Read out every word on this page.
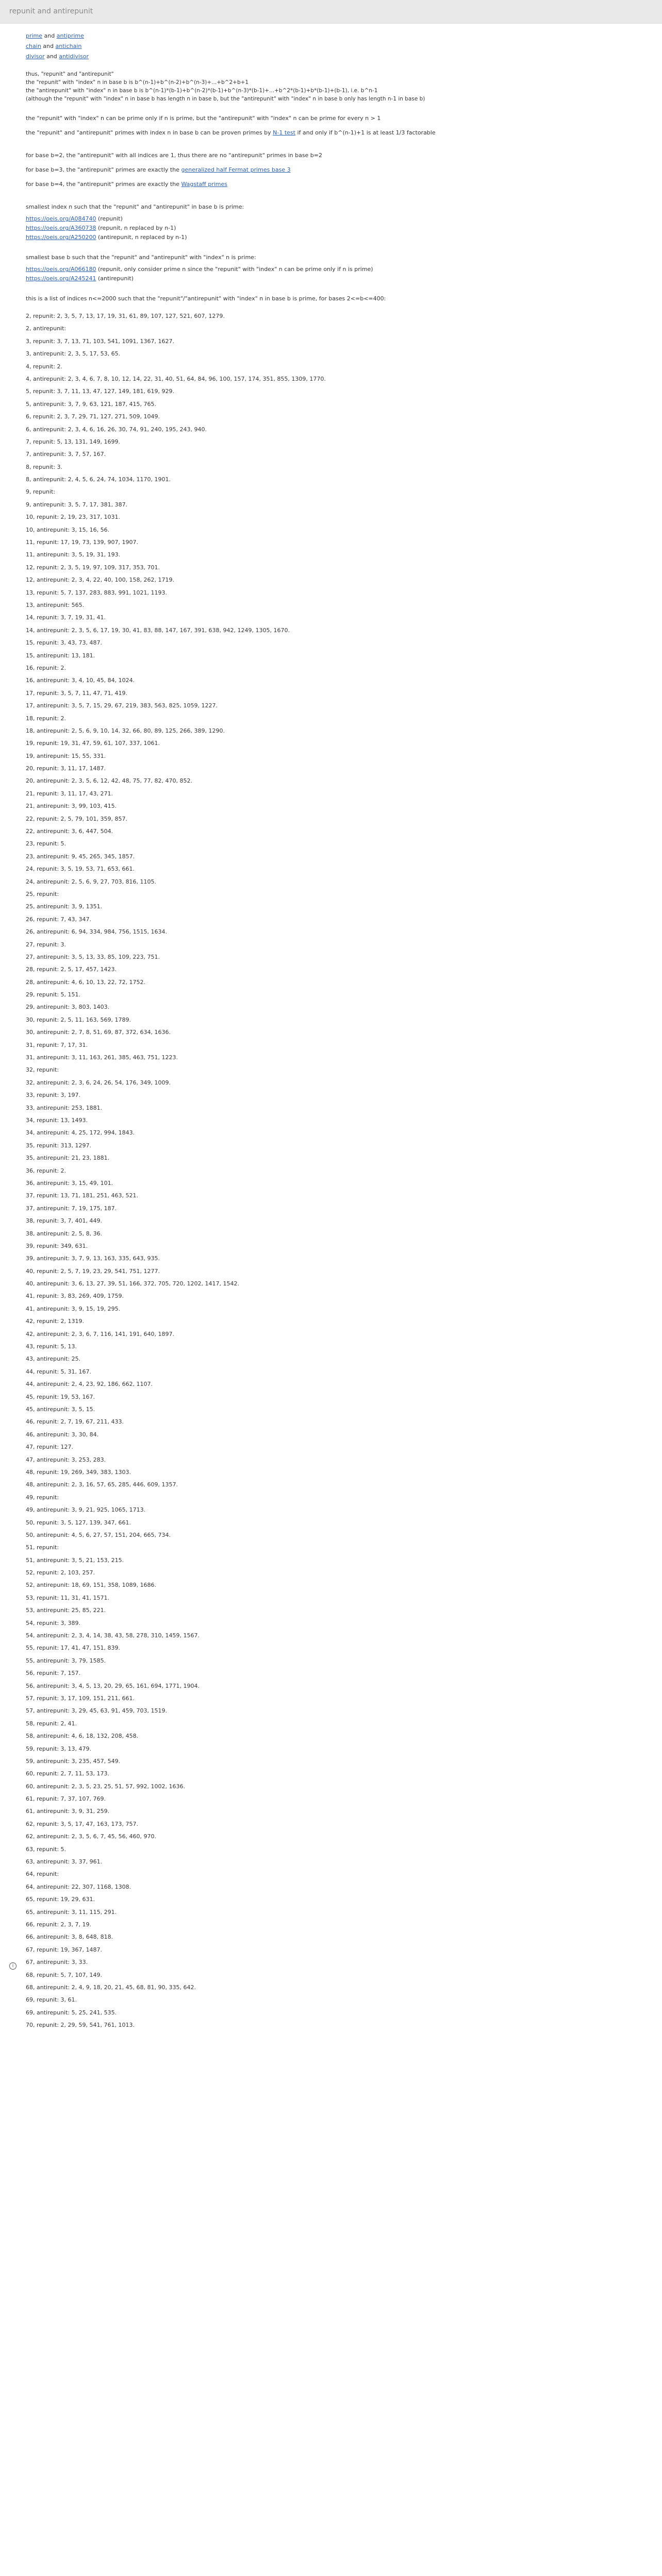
repunit and antirepunit
i
prime and antiprime
chain and antichain
divisor and antidivisor
thus, "repunit" and "antirepunit"
the "repunit" with "index" n in base b is b^(n-1)+b^(n-2)+b^(n-3)+...+b^2+b+1
the "antirepunit" with "index" n in base b is b^(n-1)*(b-1)+b^(n-2)*(b-1)+b^(n-3)*(b-1)+...+b^2*(b-1)+b*(b-1)+(b-1), i.e. b^n-1
(although the "repunit" with "index" n in base b has length n in base b, but the "antirepunit" with "index" n in base b only has length n-1 in base b)
the "repunit" with "index" n can be prime only if n is prime, but the "antirepunit" with "index" n can be prime for every n > 1
the "repunit" and "antirepunit" primes with index n in base b can be proven primes by N-1 test if and only if b^(n-1)+1 is at least 1/3 factorable
for base b=2, the "antirepunit" with all indices are 1, thus there are no "antirepunit" primes in base b=2
for base b=3, the "antirepunit" primes are exactly the generalized half Fermat primes base 3
for base b=4, the "antirepunit" primes are exactly the Wagstaff primes
smallest index n such that the "repunit" and "antirepunit" in base b is prime:
https://oeis.org/A084740 (repunit)
https://oeis.org/A360738 (repunit, n replaced by n-1)
https://oeis.org/A250200 (antirepunit, n replaced by n-1)
smallest base b such that the "repunit" and "antirepunit" with "index" n is prime:
https://oeis.org/A066180 (repunit, only consider prime n since the "repunit" with "index" n can be prime only if n is prime)
https://oeis.org/A245241 (antirepunit)
this is a list of indices n<=2000 such that the "repunit"/"antirepunit" with "index" n in base b is prime, for bases 2<=b<=400:
2, repunit: 2, 3, 5, 7, 13, 17, 19, 31, 61, 89, 107, 127, 521, 607, 1279.
2, antirepunit:
3, repunit: 3, 7, 13, 71, 103, 541, 1091, 1367, 1627.
3, antirepunit: 2, 3, 5, 17, 53, 65.
4, repunit: 2.
4, antirepunit: 2, 3, 4, 6, 7, 8, 10, 12, 14, 22, 31, 40, 51, 64, 84, 96, 100, 157, 174, 351, 855, 1309, 1770.
5, repunit: 3, 7, 11, 13, 47, 127, 149, 181, 619, 929.
5, antirepunit: 3, 7, 9, 63, 121, 187, 415, 765.
6, repunit: 2, 3, 7, 29, 71, 127, 271, 509, 1049.
6, antirepunit: 2, 3, 4, 6, 16, 26, 30, 74, 91, 240, 195, 243, 940.
7, repunit: 5, 13, 131, 149, 1699.
7, antirepunit: 3, 7, 57, 167.
8, repunit: 3.
8, antirepunit: 2, 4, 5, 6, 24, 74, 1034, 1170, 1901.
9, repunit:
9, antirepunit: 3, 5, 7, 17, 381, 387.
10, repunit: 2, 19, 23, 317, 1031.
10, antirepunit: 3, 15, 16, 56.
11, repunit: 17, 19, 73, 139, 907, 1907.
11, antirepunit: 3, 5, 19, 31, 193.
12, repunit: 2, 3, 5, 19, 97, 109, 317, 353, 701.
12, antirepunit: 2, 3, 4, 22, 40, 100, 158, 262, 1719.
13, repunit: 5, 7, 137, 283, 883, 991, 1021, 1193.
13, antirepunit: 565.
14, repunit: 3, 7, 19, 31, 41.
14, antirepunit: 2, 3, 5, 6, 17, 19, 30, 41, 83, 88, 147, 167, 391, 638, 942, 1249, 1305, 1670.
15, repunit: 3, 43, 73, 487.
15, antirepunit: 13, 181.
16, repunit: 2.
16, antirepunit: 3, 4, 10, 45, 84, 1024.
17, repunit: 3, 5, 7, 11, 47, 71, 419.
17, antirepunit: 3, 5, 7, 15, 29, 67, 219, 383, 563, 825, 1059, 1227.
18, repunit: 2.
18, antirepunit: 2, 5, 6, 9, 10, 14, 32, 66, 80, 89, 125, 266, 389, 1290.
19, repunit: 19, 31, 47, 59, 61, 107, 337, 1061.
19, antirepunit: 15, 55, 331.
20, repunit: 3, 11, 17, 1487.
20, antirepunit: 2, 3, 5, 6, 12, 42, 48, 75, 77, 82, 470, 852.
21, repunit: 3, 11, 17, 43, 271.
21, antirepunit: 3, 99, 103, 415.
22, repunit: 2, 5, 79, 101, 359, 857.
22, antirepunit: 3, 6, 447, 504.
23, repunit: 5.
23, antirepunit: 9, 45, 265, 345, 1857.
24, repunit: 3, 5, 19, 53, 71, 653, 661.
24, antirepunit: 2, 5, 6, 9, 27, 703, 816, 1105.
25, repunit:
25, antirepunit: 3, 9, 1351.
26, repunit: 7, 43, 347.
26, antirepunit: 6, 94, 334, 984, 756, 1515, 1634.
27, repunit: 3.
27, antirepunit: 3, 5, 13, 33, 85, 109, 223, 751.
28, repunit: 2, 5, 17, 457, 1423.
28, antirepunit: 4, 6, 10, 13, 22, 72, 1752.
29, repunit: 5, 151.
29, antirepunit: 3, 803, 1403.
30, repunit: 2, 5, 11, 163, 569, 1789.
30, antirepunit: 2, 7, 8, 51, 69, 87, 372, 634, 1636.
31, repunit: 7, 17, 31.
31, antirepunit: 3, 11, 163, 261, 385, 463, 751, 1223.
32, repunit:
32, antirepunit: 2, 3, 6, 24, 26, 54, 176, 349, 1009.
33, repunit: 3, 197.
33, antirepunit: 253, 1881.
34, repunit: 13, 1493.
34, antirepunit: 4, 25, 172, 994, 1843.
35, repunit: 313, 1297.
35, antirepunit: 21, 23, 1881.
36, repunit: 2.
36, antirepunit: 3, 15, 49, 101.
37, repunit: 13, 71, 181, 251, 463, 521.
37, antirepunit: 7, 19, 175, 187.
38, repunit: 3, 7, 401, 449.
38, antirepunit: 2, 5, 8, 36.
39, repunit: 349, 631.
39, antirepunit: 3, 7, 9, 13, 163, 335, 643, 935.
40, repunit: 2, 5, 7, 19, 23, 29, 541, 751, 1277.
40, antirepunit: 3, 6, 13, 27, 39, 51, 166, 372, 705, 720, 1202, 1417, 1542.
41, repunit: 3, 83, 269, 409, 1759.
41, antirepunit: 3, 9, 15, 19, 295.
42, repunit: 2, 1319.
42, antirepunit: 2, 3, 6, 7, 116, 141, 191, 640, 1897.
43, repunit: 5, 13.
43, antirepunit: 25.
44, repunit: 5, 31, 167.
44, antirepunit: 2, 4, 23, 92, 186, 662, 1107.
45, repunit: 19, 53, 167.
45, antirepunit: 3, 5, 15.
46, repunit: 2, 7, 19, 67, 211, 433.
46, antirepunit: 3, 30, 84.
47, repunit: 127.
47, antirepunit: 3, 253, 283.
48, repunit: 19, 269, 349, 383, 1303.
48, antirepunit: 2, 3, 16, 57, 65, 285, 446, 609, 1357.
49, repunit:
49, antirepunit: 3, 9, 21, 925, 1065, 1713.
50, repunit: 3, 5, 127, 139, 347, 661.
50, antirepunit: 4, 5, 6, 27, 57, 151, 204, 665, 734.
51, repunit:
51, antirepunit: 3, 5, 21, 153, 215.
52, repunit: 2, 103, 257.
52, antirepunit: 18, 69, 151, 358, 1089, 1686.
53, repunit: 11, 31, 41, 1571.
53, antirepunit: 25, 85, 221.
54, repunit: 3, 389.
54, antirepunit: 2, 3, 4, 14, 38, 43, 58, 278, 310, 1459, 1567.
55, repunit: 17, 41, 47, 151, 839.
55, antirepunit: 3, 79, 1585.
56, repunit: 7, 157.
56, antirepunit: 3, 4, 5, 13, 20, 29, 65, 161, 694, 1771, 1904.
57, repunit: 3, 17, 109, 151, 211, 661.
57, antirepunit: 3, 29, 45, 63, 91, 459, 703, 1519.
58, repunit: 2, 41.
58, antirepunit: 4, 6, 18, 132, 208, 458.
59, repunit: 3, 13, 479.
59, antirepunit: 3, 235, 457, 549.
60, repunit: 2, 7, 11, 53, 173.
60, antirepunit: 2, 3, 5, 23, 25, 51, 57, 992, 1002, 1636.
61, repunit: 7, 37, 107, 769.
61, antirepunit: 3, 9, 31, 259.
62, repunit: 3, 5, 17, 47, 163, 173, 757.
62, antirepunit: 2, 3, 5, 6, 7, 45, 56, 460, 970.
63, repunit: 5.
63, antirepunit: 3, 37, 961.
64, repunit:
64, antirepunit: 22, 307, 1168, 1308.
65, repunit: 19, 29, 631.
65, antirepunit: 3, 11, 115, 291.
66, repunit: 2, 3, 7, 19.
66, antirepunit: 3, 8, 648, 818.
67, repunit: 19, 367, 1487.
67, antirepunit: 3, 33.
68, repunit: 5, 7, 107, 149.
68, antirepunit: 2, 4, 9, 18, 20, 21, 45, 68, 81, 90, 335, 642.
69, repunit: 3, 61.
69, antirepunit: 5, 25, 241, 535.
70, repunit: 2, 29, 59, 541, 761, 1013.
